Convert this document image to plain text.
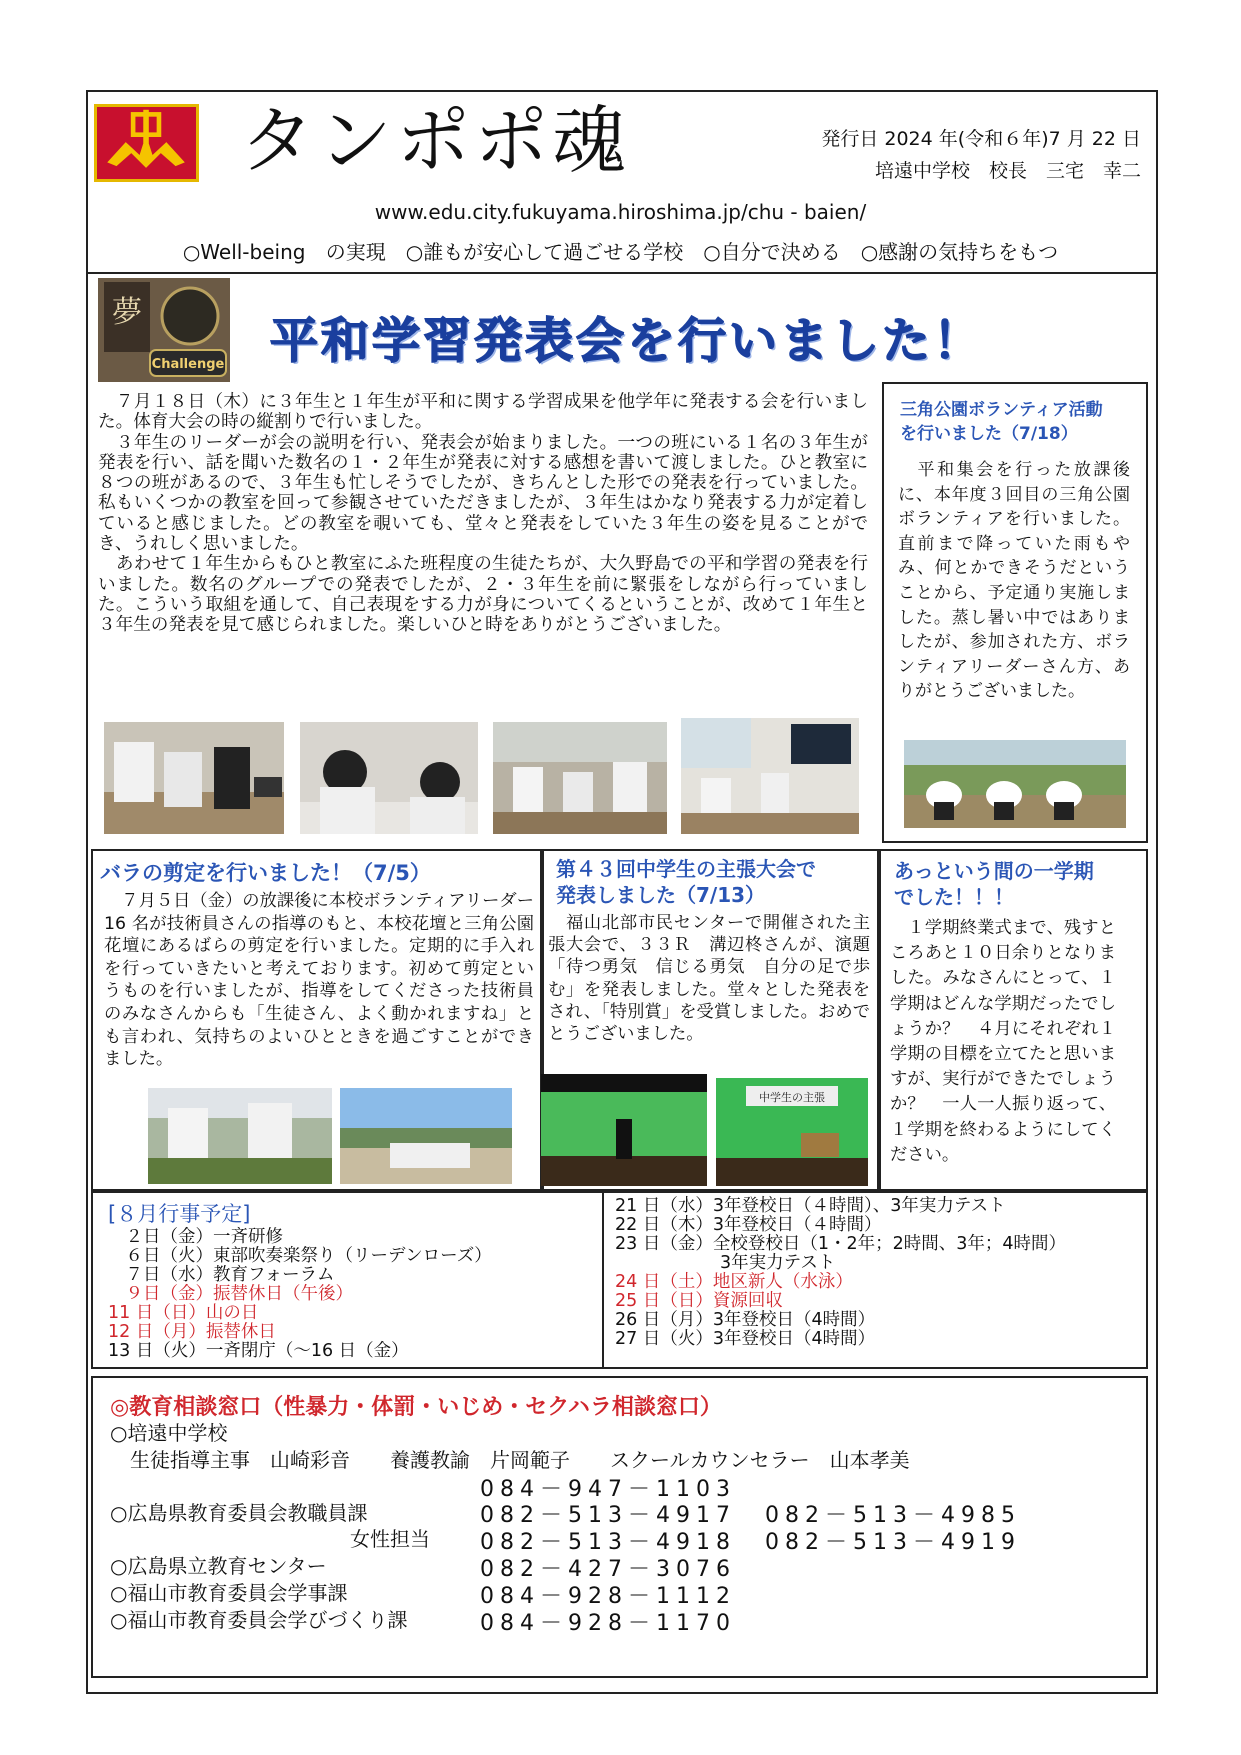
タンポポ魂	発行日 2024 年(令和６年)7 月 22 日
培遠中学校　校長　三宅　幸二
www.edu.city.fukuyama.hiroshima.jp/chu - baien/
○Well-being の実現　○誰もが安心して過ごせる学校　○自分で決める　○感謝の気持ちをもつ
夢
Challenge 平和学習発表会を行いました！

　７月１８日（木）に３年生と１年生が平和に関する学習成果を他学年に発表する会を行いました。体育大会の時の縦割りで行いました。

　３年生のリーダーが会の説明を行い、発表会が始まりました。一つの班にいる１名の３年生が発表を行い、話を聞いた数名の１・２年生が発表に対する感想を書いて渡しました。ひと教室に８つの班があるので、３年生も忙しそうでしたが、きちんとした形での発表を行っていました。私もいくつかの教室を回って参観させていただきましたが、３年生はかなり発表する力が定着していると感じました。どの教室を覗いても、堂々と発表をしていた３年生の姿を見ることができ、うれしく思いました。

　あわせて１年生からもひと教室にふた班程度の生徒たちが、大久野島での平和学習の発表を行いました。数名のグループでの発表でしたが、２・３年生を前に緊張をしながら行っていました。こういう取組を通して、自己表現をする力が身についてくるということが、改めて１年生と３年生の発表を見て感じられました。楽しいひと時をありがとうございました。

三角公園ボランティア活動
を行いました（7/18）
　平和集会を行った放課後に、本年度３回目の三角公園ボランティアを行いました。直前まで降っていた雨もやみ、何とかできそうだということから、予定通り実施しました。蒸し暑い中ではありましたが、参加された方、ボランティアリーダーさん方、ありがとうございました。
バラの剪定を行いました！（7/5）
　７月５日（金）の放課後に本校ボランティアリーダー16 名が技術員さんの指導のもと、本校花壇と三角公園花壇にあるばらの剪定を行いました。定期的に手入れを行っていきたいと考えております。初めて剪定というものを行いましたが、指導をしてくださった技術員のみなさんからも「生徒さん、よく動かれますね」とも言われ、気持ちのよいひとときを過ごすことができました。
第４３回中学生の主張大会で
発表しました（7/13）
　福山北部市民センターで開催された主張大会で、３３Ｒ　溝辺柊さんが、演題「待つ勇気　信じる勇気　自分の足で歩む」を発表しました。堂々とした発表をされ、「特別賞」を受賞しました。おめでとうございました。
中学生の主張
あっという間の一学期
でした！！！
　１学期終業式まで、残すところあと１０日余りとなりました。みなさんにとって、１学期はどんな学期だったでしょうか？　４月にそれぞれ１学期の目標を立てたと思いますが、実行ができたでしょうか？　一人一人振り返って、１学期を終わるようにしてください。
[８月行事予定]
　２日（金）一斉研修
　６日（火）東部吹奏楽祭り（リーデンローズ）
　７日（水）教育フォーラム
　９日（金）振替休日（午後）
11 日（日）山の日
12 日（月）振替休日
13 日（火）一斉閉庁（～16 日（金）
21 日（水）3年登校日（４時間）、3年実力テスト
22 日（木）3年登校日（４時間）
23 日（金）全校登校日（1・2年；2時間、3年；4時間）
　　　　　　3年実力テスト
24 日（土）地区新人（水泳）
25 日（日）資源回収
26 日（月）3年登校日（4時間）
27 日（火）3年登校日（4時間）
◎教育相談窓口（性暴力・体罰・いじめ・セクハラ相談窓口）
○培遠中学校
　生徒指導主事　山崎彩音　　養護教諭　片岡範子　　スクールカウンセラー　山本孝美
084－947－1103
○広島県教育委員会教職員課	082－513－4917 082－513－4985
女性担当 082－513－4918 082－513－4919
○広島県立教育センター	082－427－3076
○福山市教育委員会学事課	084－928－1112
○福山市教育委員会学びづくり課	084－928－1170
